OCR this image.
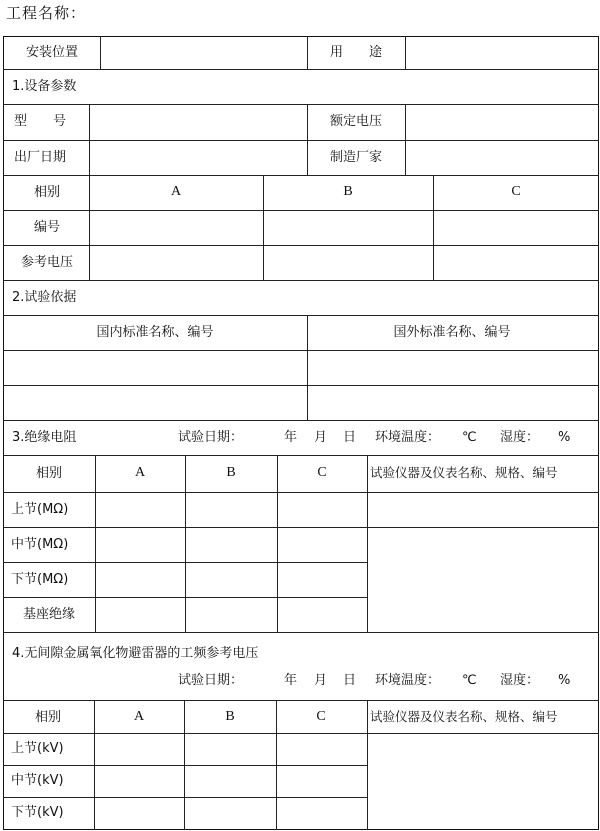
工程名称：
安装位置	用　　途
1.设备参数
型　　号	额定电压
出厂日期	制造厂家
相别	A	B	C
编号
参考电压
2.试验依据
国内标准名称、编号	国外标准名称、编号
3.绝缘电阻	试验日期：	年 月 日 环境温度： ℃ 湿度： %
相别	A	B	C	试验仪器及仪表名称、规格、编号
上节(MΩ)
中节(MΩ)
下节(MΩ)
基座绝缘
4.无间隙金属氧化物避雷器的工频参考电压
试验日期：	年 月 日 环境温度： ℃ 湿度： %
相别	A	B	C	试验仪器及仪表名称、规格、编号
上节(kV)
中节(kV)
下节(kV)
